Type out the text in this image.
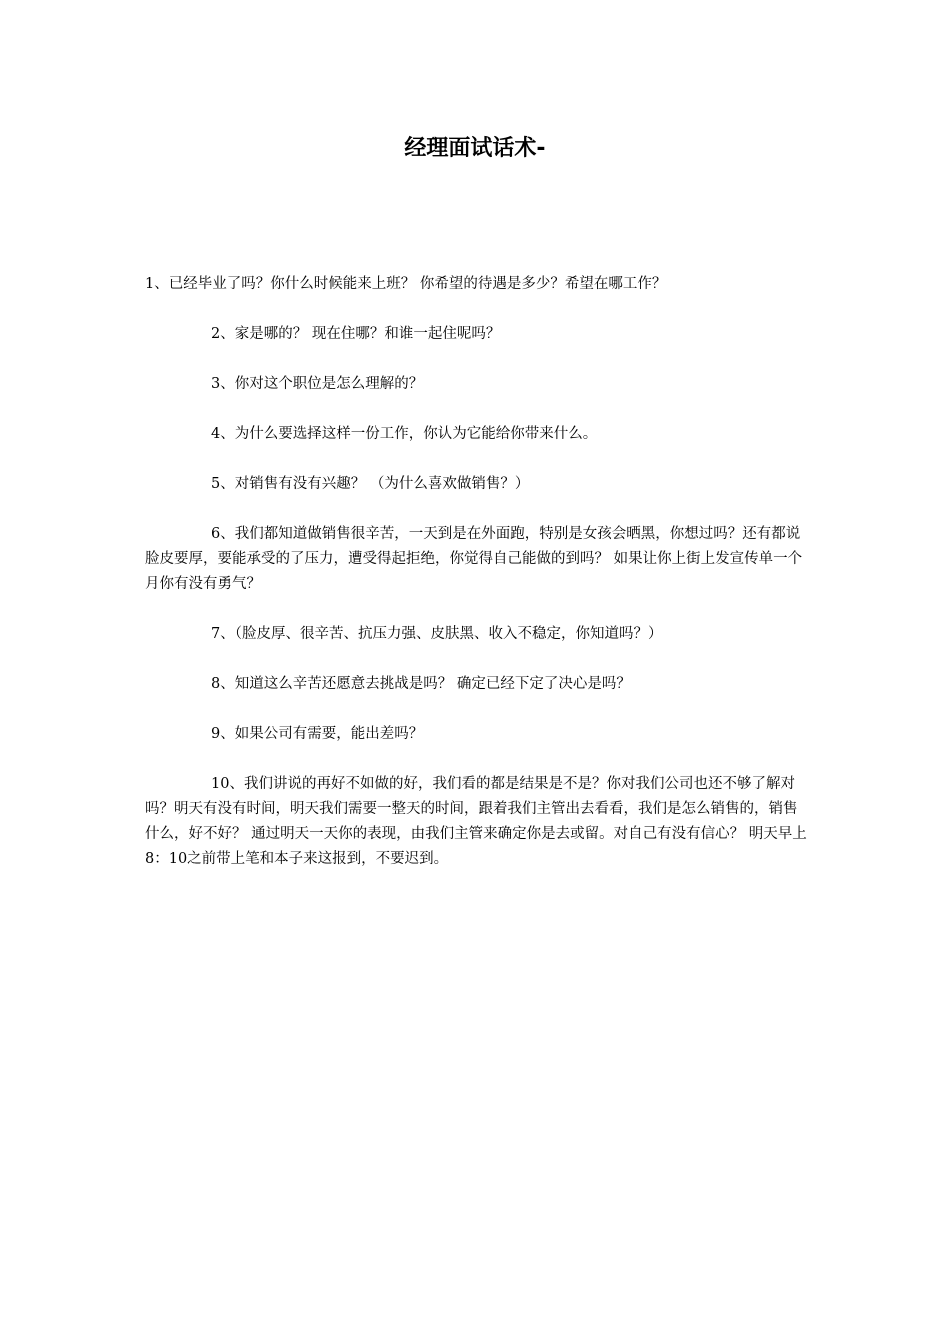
经理面试话术-

1、已经毕业了吗？你什么时候能来上班？ 你希望的待遇是多少？希望在哪工作？

2、家是哪的？ 现在住哪？和谁一起住呢吗？

3、你对这个职位是怎么理解的？

4、为什么要选择这样一份工作，你认为它能给你带来什么。

5、对销售有没有兴趣？ （为什么喜欢做销售？）

6、我们都知道做销售很辛苦，一天到是在外面跑，特别是女孩会晒黑，你想过吗？还有都说脸皮要厚，要能承受的了压力，遭受得起拒绝，你觉得自己能做的到吗？ 如果让你上街上发宣传单一个月你有没有勇气？

7、（脸皮厚、很辛苦、抗压力强、皮肤黑、收入不稳定，你知道吗？）

8、知道这么辛苦还愿意去挑战是吗？ 确定已经下定了决心是吗？

9、如果公司有需要，能出差吗？

10、我们讲说的再好不如做的好，我们看的都是结果是不是？你对我们公司也还不够了解对吗？明天有没有时间，明天我们需要一整天的时间，跟着我们主管出去看看，我们是怎么销售的，销售什么，好不好？ 通过明天一天你的表现，由我们主管来确定你是去或留。对自己有没有信心？ 明天早上 8：10之前带上笔和本子来这报到，不要迟到。
